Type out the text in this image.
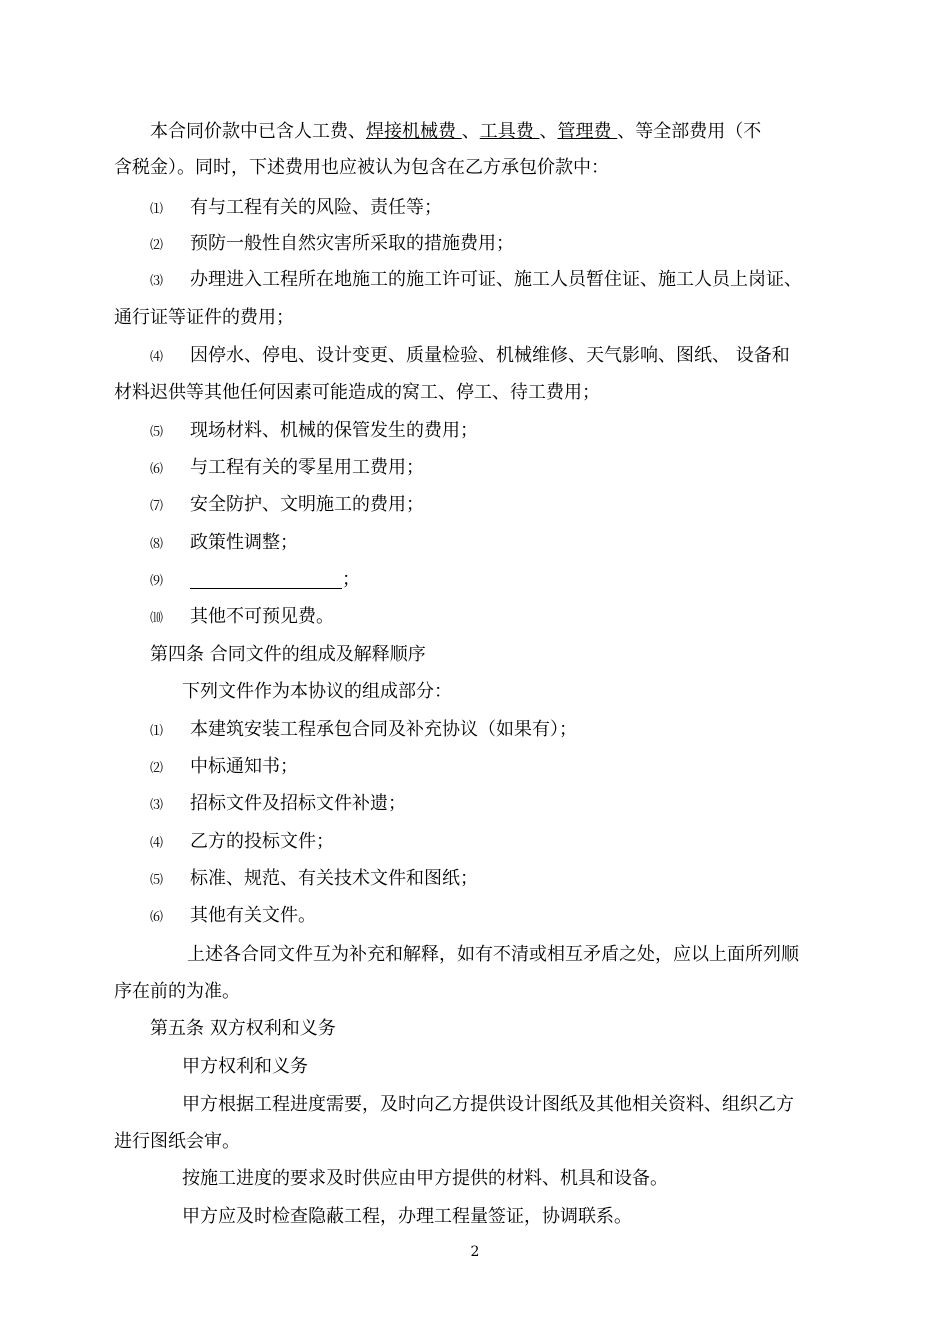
本合同价款中已含人工费、焊接机械费 、工具费 、管理费 、等全部费用（不
含税金）。同时，下述费用也应被认为包含在乙方承包价款中：
⑴ 有与工程有关的风险、责任等；
⑵ 预防一般性自然灾害所采取的措施费用；
⑶ 办理进入工程所在地施工的施工许可证、施工人员暂住证、施工人员上岗证、
通行证等证件的费用；
⑷ 因停水、停电、设计变更、质量检验、机械维修、天气影响、图纸、 设备和
材料迟供等其他任何因素可能造成的窝工、停工、待工费用；
⑸ 现场材料、机械的保管发生的费用；
⑹ 与工程有关的零星用工费用；
⑺ 安全防护、文明施工的费用；
⑻ 政策性调整；
⑼	；
⑽ 其他不可预见费。
第四条 合同文件的组成及解释顺序
下列文件作为本协议的组成部分：
⑴ 本建筑安装工程承包合同及补充协议（如果有）；
⑵ 中标通知书；
⑶ 招标文件及招标文件补遗；
⑷ 乙方的投标文件；
⑸ 标准、规范、有关技术文件和图纸；
⑹ 其他有关文件。
上述各合同文件互为补充和解释，如有不清或相互矛盾之处，应以上面所列顺
序在前的为准。
第五条 双方权利和义务
甲方权利和义务
甲方根据工程进度需要，及时向乙方提供设计图纸及其他相关资料、组织乙方
进行图纸会审。
按施工进度的要求及时供应由甲方提供的材料、机具和设备。
甲方应及时检查隐蔽工程，办理工程量签证，协调联系。
2
